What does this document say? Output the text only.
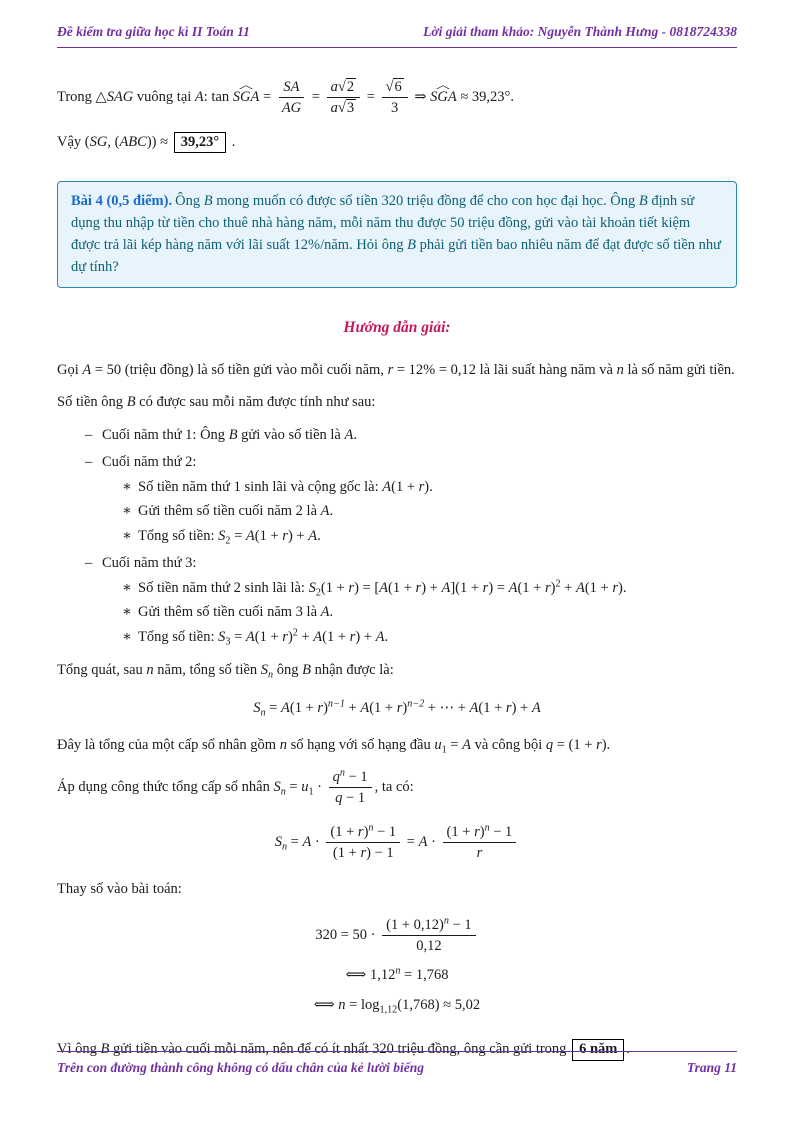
Đề kiểm tra giữa học kì II Toán 11	Lời giải tham khảo: Nguyễn Thành Hưng - 0818724338

Trong △SAG vuông tại A: tan ^ SGA = $\frac{SA}{AG} = \frac{a√2}{a√3} = \frac{√6}{3}$ ⇒ ^ SGA ≈ 39,23°.

Vậy (SG, (ABC)) ≈ 39,23° .

Bài 4 (0,5 điểm). Ông B mong muốn có được số tiền 320 triệu đồng để cho con học đại học. Ông B định sử dụng thu nhập từ tiền cho thuê nhà hàng năm, mỗi năm thu được 50 triệu đồng, gửi vào tài khoản tiết kiệm được trả lãi kép hàng năm với lãi suất 12%/năm. Hỏi ông B phải gửi tiền bao nhiêu năm để đạt được số tiền như dự tính?

Hướng dẫn giải:

Gọi A = 50 (triệu đồng) là số tiền gửi vào mỗi cuối năm, r = 12% = 0,12 là lãi suất hàng năm và n là số năm gửi tiền.

Số tiền ông B có được sau mỗi năm được tính như sau:

– Cuối năm thứ 1: Ông B gửi vào số tiền là A.

– Cuối năm thứ 2:

∗ Số tiền năm thứ 1 sinh lãi và cộng gốc là: A(1 + r).

∗ Gửi thêm số tiền cuối năm 2 là A.

∗ Tổng số tiền: $S_2 = A(1 + r) + A$.

– Cuối năm thứ 3:

∗ Số tiền năm thứ 2 sinh lãi là: $S_2(1 + r) = [A(1 + r) + A](1 + r) = A(1 + r)^2 + A(1 + r)$.

∗ Gửi thêm số tiền cuối năm 3 là A.

∗ Tổng số tiền: $S_3 = A(1 + r)^2 + A(1 + r) + A$.

Tổng quát, sau n năm, tổng số tiền $S_n$ ông B nhận được là:

$S_n = A(1 + r)^{n-1} + A(1 + r)^{n-2}$ + ⋯ + A(1 + r) + A

Đây là tổng của một cấp số nhân gồm n số hạng với số hạng đầu $u_1 = A$ và công bội q = (1 + r).

Áp dụng công thức tổng cấp số nhân $S_n = u_1 \cdot \frac{q^n - 1}{q - 1}$ , ta có:

$S_n = A \cdot \frac{(1 + r)^n - 1}{(1 + r) - 1} = A \cdot \frac{(1 + r)^n - 1}{r}$

Thay số vào bài toán:

$320 = 50 \cdot \frac{(1 + 0,12)^n - 1}{0,12}$
⟺ $1,12^n = 1,768$
⟺ $n = \log_{1,12}(1,768) \approx 5,02$

Vì ông B gửi tiền vào cuối mỗi năm, nên để có ít nhất 320 triệu đồng, ông cần gửi trong 6 năm .

Trên con đường thành công không có dấu chân của kẻ lười biếng	Trang 11
